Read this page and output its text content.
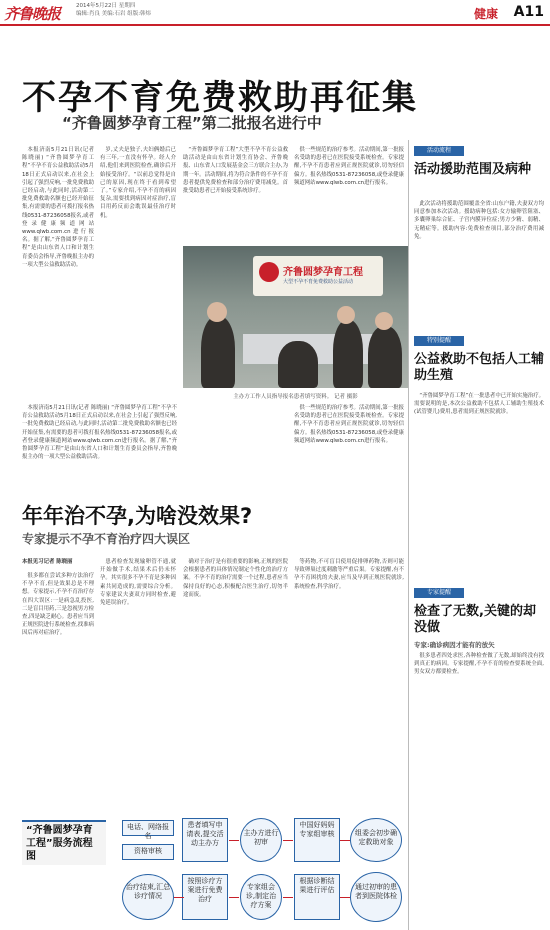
齐鲁晚报	2014年5月22日 星期四
编辑:肖良 美编:石岩 组版:韩炜	健康 A11
不孕不育免费救助再征集
“齐鲁圆梦孕育工程”第二批报名进行中

本报济南5月21日讯(记者 陈晓丽) “齐鲁圆梦孕育工程”不孕不育公益救助活动5月18日正式启动以来,在社会上引起了强烈反响,一批免费救助已经启动,与此同时,活动第二批免费救助名额也已经开始征集,有需要的患者可拨打报名热线0531-87236058报名,或者登录健康频道网站www.qlwb.com.cn进行报名。据了解,“齐鲁圆梦孕育工程”是由山东省人口和计划生育委员会指导,齐鲁晚报主办的一项大型公益救助活动。

岁,丈夫是独子,夫妇俩婚后已有三年,一直没有怀孕。经人介绍,他们来到医院检查,确诊后开始接受治疗。“以前总觉得是自己的原因,现在终于看到希望了。”专家介绍,不孕不育的病因复杂,需要找到病因对症治疗,盲目用药反而会耽误最佳治疗时机。

“齐鲁圆梦孕育工程”大型不孕不育公益救助活动是由山东省计划生育协会、齐鲁晚报、山东省人口发展基金会三方联合主办,为期一年。活动期间,将为符合条件的不孕不育患者提供免费检查和部分治疗费用减免。首批受助患者已开始接受系统诊疗。

供一些规范的治疗参考。活动期间,第一批报名受助的患者已在医院接受系统检查。专家提醒,不孕不育患者应到正规医院就诊,切勿轻信偏方。报名热线0531-87236058,或登录健康频道网站www.qlwb.com.cn进行报名。

齐鲁圆梦孕育工程
大型不孕不育免费救助公益活动
主办方工作人员指导报名患者填写资料。 记者 摄影

本报济南5月21日讯(记者 陈晓丽) “齐鲁圆梦孕育工程”不孕不育公益救助活动5月18日正式启动以来,在社会上引起了强烈反响,一批免费救助已经启动,与此同时,活动第二批免费救助名额也已经开始征集,有需要的患者可拨打报名热线0531-87236058报名,或者登录健康频道网站www.qlwb.com.cn进行报名。据了解,“齐鲁圆梦孕育工程”是由山东省人口和计划生育委员会指导,齐鲁晚报主办的一项大型公益救助活动。

供一些规范的治疗参考。活动期间,第一批报名受助的患者已在医院接受系统检查。专家提醒,不孕不育患者应到正规医院就诊,切勿轻信偏方。报名热线0531-87236058,或登录健康频道网站www.qlwb.com.cn进行报名。

年年治不孕,为啥没效果?
专家提示不孕不育治疗四大误区
本报见习记者 陈晓丽

很多都在尝试多种方法治疗不孕不育,但是效果总是不理想。专家提示,不孕不育治疗存在四大误区:一是病急乱投医,二是盲目用药,三是忽视男方检查,四是缺乏耐心。患者应当到正规医院进行系统检查,找准病因后再对症治疗。

患者检查发现输卵管不通,就开始做手术,结果术后仍未怀孕。其实很多不孕不育是多种因素共同造成的,需要综合分析。专家建议夫妻双方同时检查,避免延误治疗。

确对于治疗是有很重要的影响,正规的医院会根据患者的具体情况制定个性化的治疗方案。不孕不育的治疗需要一个过程,患者应当保持良好的心态,积极配合医生治疗,切勿半途而废。

等药物,不可盲目使用促排卵药物,否则可能导致卵巢过度刺激等严重后果。专家提醒,有不孕不育困扰的夫妻,应当及早到正规医院就诊,系统检查,科学治疗。

活动流程
活动援助范围及病种

此次活动将援助范围覆盖全省:山东户籍,夫妻双方均同意参加本次活动。援助病种包括:女方输卵管阻塞、多囊卵巢综合征、子宫内膜异位症;男方少精、弱精、无精症等。援助内容:免费检查项目,部分治疗费用减免。

特别提醒
公益救助不包括人工辅助生殖

“齐鲁圆梦孕育工程”在一批患者中已开始实施治疗。需要说明的是,本次公益救助不包括人工辅助生殖技术(试管婴儿)费用,患者需到正规医院就诊。

专家提醒
检查了无数,关键的却没做
专家:确诊病因才能有的放矢

很多患者四处求医,各种检查做了无数,却始终没有找到真正的病因。专家提醒,不孕不育的检查要系统全面,男女双方都要检查。

“齐鲁圆梦孕育工程”服务流程图
电话、网络报名
资格审核
患者填写申请表,提交活动主办方
主办方进行初审
中国好妈妈专家组审核	组委会初步确定救助对象
通过初审的患者到医院体检
根据诊断结果进行评估
专家组会诊,制定治疗方案
按照诊疗方案进行免费治疗
治疗结束,汇总诊疗情况
